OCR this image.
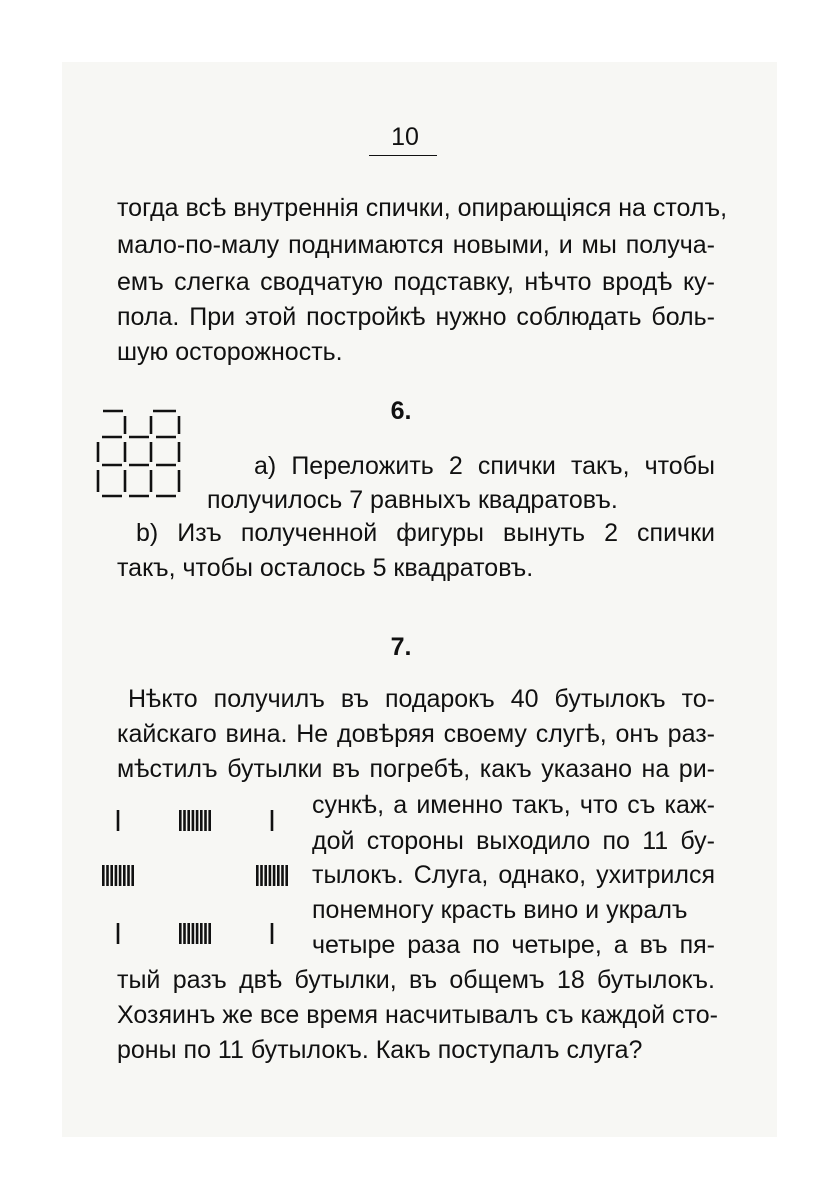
10
тогда всѣ внутреннія спички, опирающіяся на столъ,
мало-по-малу поднимаются новыми, и мы получа-
емъ слегка сводчатую подставку, нѣчто вродѣ ку-
пола. При этой постройкѣ нужно соблюдать боль-
шую осторожность.
6.
а) Переложить 2 спички такъ, чтобы
получилось 7 равныхъ квадратовъ.
b) Изъ полученной фигуры вынуть 2 спички
такъ, чтобы осталось 5 квадратовъ.
7.
Нѣкто получилъ въ подарокъ 40 бутылокъ то-
кайскаго вина. Не довѣряя своему слугѣ, онъ раз-
мѣстилъ бутылки въ погребѣ, какъ указано на ри-
сункѣ, а именно такъ, что съ каж-
дой стороны выходило по 11 бу-
тылокъ. Слуга, однако, ухитрился
понемногу красть вино и укралъ
четыре раза по четыре, а въ пя-
тый разъ двѣ бутылки, въ общемъ 18 бутылокъ.
Хозяинъ же все время насчитывалъ съ каждой сто-
роны по 11 бутылокъ. Какъ поступалъ слуга?
